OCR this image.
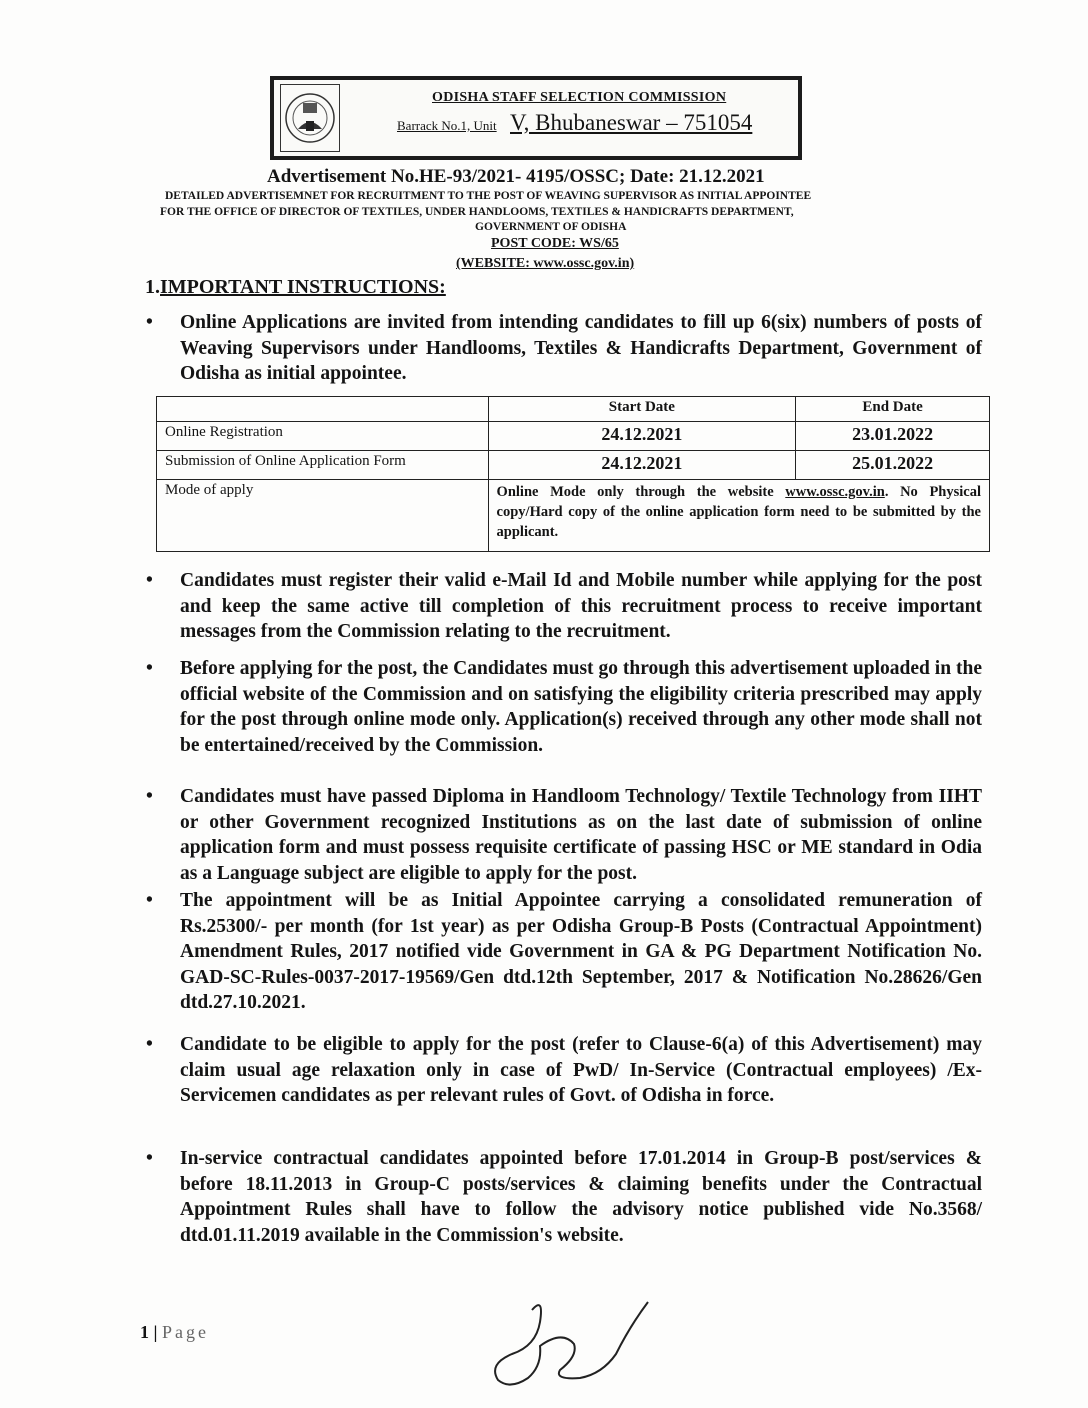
ODISHA STAFF SELECTION COMMISSION
Barrack No.1, Unit V, Bhubaneswar – 751054
Advertisement No.HE-93/2021- 4195/OSSC; Date: 21.12.2021
DETAILED ADVERTISEMNET FOR RECRUITMENT TO THE POST OF WEAVING SUPERVISOR AS INITIAL APPOINTEE
FOR THE OFFICE OF DIRECTOR OF TEXTILES, UNDER HANDLOOMS, TEXTILES & HANDICRAFTS DEPARTMENT,
GOVERNMENT OF ODISHA
POST CODE: WS/65
(WEBSITE: www.ossc.gov.in)
1.IMPORTANT INSTRUCTIONS:
•	Online Applications are invited from intending candidates to fill up 6(six) numbers of posts of Weaving Supervisors under Handlooms, Textiles & Handicrafts Department, Government of Odisha as initial appointee.
	Start Date	End Date
Online Registration	24.12.2021	23.01.2022
Submission of Online Application Form	24.12.2021	25.01.2022
Mode of apply	Online Mode only through the website www.ossc.gov.in. No Physical copy/Hard copy of the online application form need to be submitted by the applicant.	
•	Candidates must register their valid e-Mail Id and Mobile number while applying for the post and keep the same active till completion of this recruitment process to receive important messages from the Commission relating to the recruitment.
•	Before applying for the post, the Candidates must go through this advertisement uploaded in the official website of the Commission and on satisfying the eligibility criteria prescribed may apply for the post through online mode only. Application(s) received through any other mode shall not be entertained/received by the Commission.
•	Candidates must have passed Diploma in Handloom Technology/ Textile Technology from IIHT or other Government recognized Institutions as on the last date of submission of online application form and must possess requisite certificate of passing HSC or ME standard in Odia as a Language subject are eligible to apply for the post.
•	The appointment will be as Initial Appointee carrying a consolidated remuneration of Rs.25300/- per month (for 1st year) as per Odisha Group-B Posts (Contractual Appointment) Amendment Rules, 2017 notified vide Government in GA & PG Department Notification No. GAD-SC-Rules-0037-2017-19569/Gen dtd.12th September, 2017 & Notification No.28626/Gen dtd.27.10.2021.
•	Candidate to be eligible to apply for the post (refer to Clause-6(a) of this Advertisement) may claim usual age relaxation only in case of PwD/ In-Service (Contractual employees) /Ex-Servicemen candidates as per relevant rules of Govt. of Odisha in force.
•	In-service contractual candidates appointed before 17.01.2014 in Group-B post/services & before 18.11.2013 in Group-C posts/services & claiming benefits under the Contractual Appointment Rules shall have to follow the advisory notice published vide No.3568/ dtd.01.11.2019 available in the Commission's website.
1 | Page
